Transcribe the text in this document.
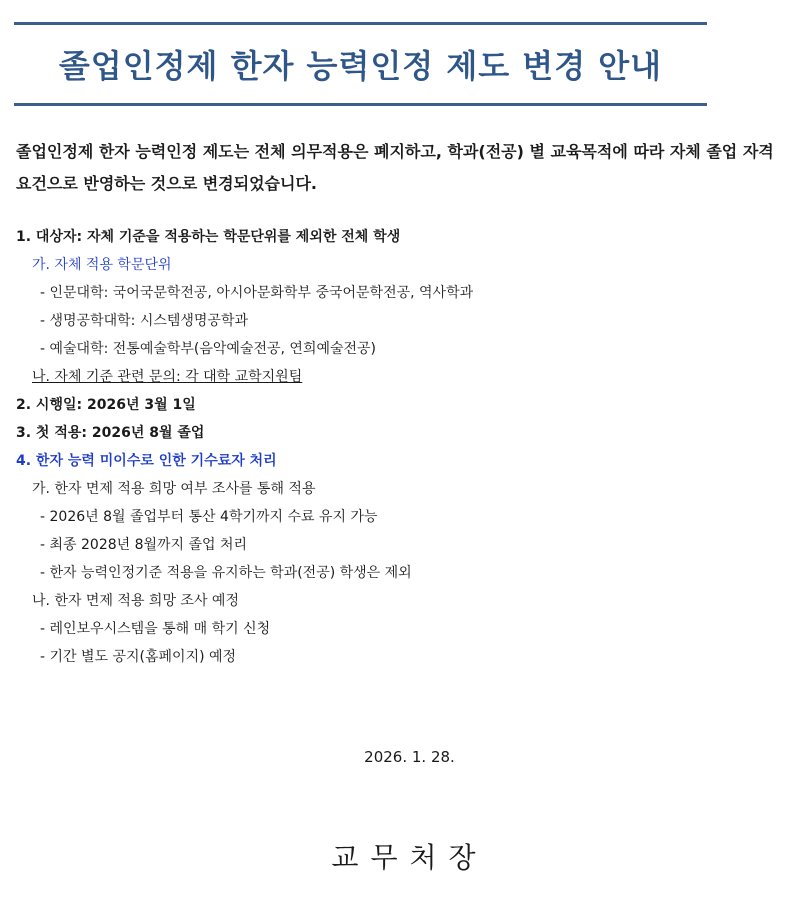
졸업인정제 한자 능력인정 제도 변경 안내
졸업인정제 한자 능력인정 제도는 전체 의무적용은 폐지하고, 학과(전공) 별 교육목적에 따라 자체 졸업 자격요건으로 반영하는 것으로 변경되었습니다.
1. 대상자: 자체 기준을 적용하는 학문단위를 제외한 전체 학생
가. 자체 적용 학문단위
- 인문대학: 국어국문학전공, 아시아문화학부 중국어문학전공, 역사학과
- 생명공학대학: 시스템생명공학과
- 예술대학: 전통예술학부(음악예술전공, 연희예술전공)
나. 자체 기준 관련 문의: 각 대학 교학지원팀
2. 시행일: 2026년 3월 1일
3. 첫 적용: 2026년 8월 졸업
4. 한자 능력 미이수로 인한 기수료자 처리
가. 한자 면제 적용 희망 여부 조사를 통해 적용
- 2026년 8월 졸업부터 통산 4학기까지 수료 유지 가능
- 최종 2028년 8월까지 졸업 처리
- 한자 능력인정기준 적용을 유지하는 학과(전공) 학생은 제외
나. 한자 면제 적용 희망 조사 예정
- 레인보우시스템을 통해 매 학기 신청
- 기간 별도 공지(홈페이지) 예정
2026. 1. 28.
교무처장
